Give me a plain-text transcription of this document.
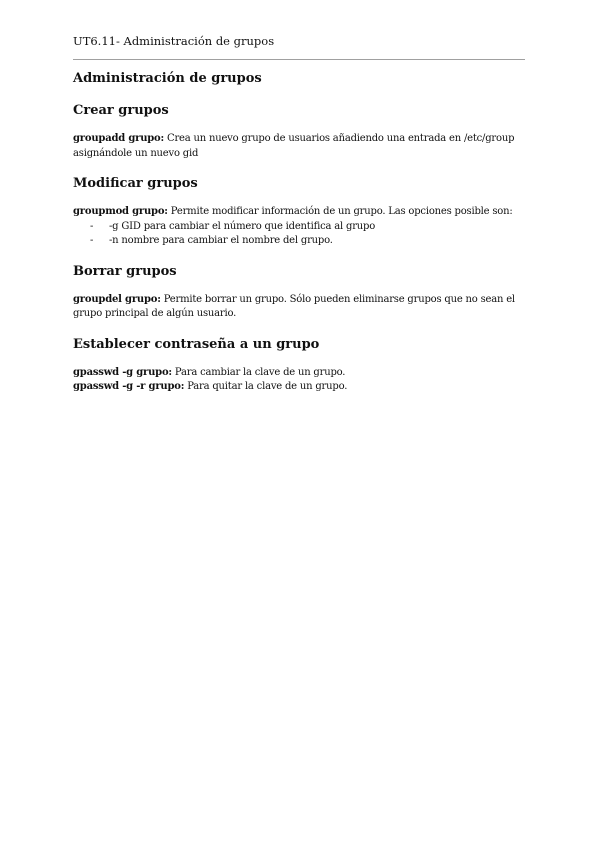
UT6.11- Administración de grupos
Administración de grupos
Crear grupos

groupadd grupo: Crea un nuevo grupo de usuarios añadiendo una entrada en /etc/group asignándole un nuevo gid

Modificar grupos

groupmod grupo: Permite modificar información de un grupo. Las opciones posible son:

- -g GID para cambiar el número que identifica al grupo
- -n nombre para cambiar el nombre del grupo.
Borrar grupos

groupdel grupo: Permite borrar un grupo. Sólo pueden eliminarse grupos que no sean el grupo principal de algún usuario.

Establecer contraseña a un grupo

gpasswd -g grupo: Para cambiar la clave de un grupo.
gpasswd -g -r grupo: Para quitar la clave de un grupo.
